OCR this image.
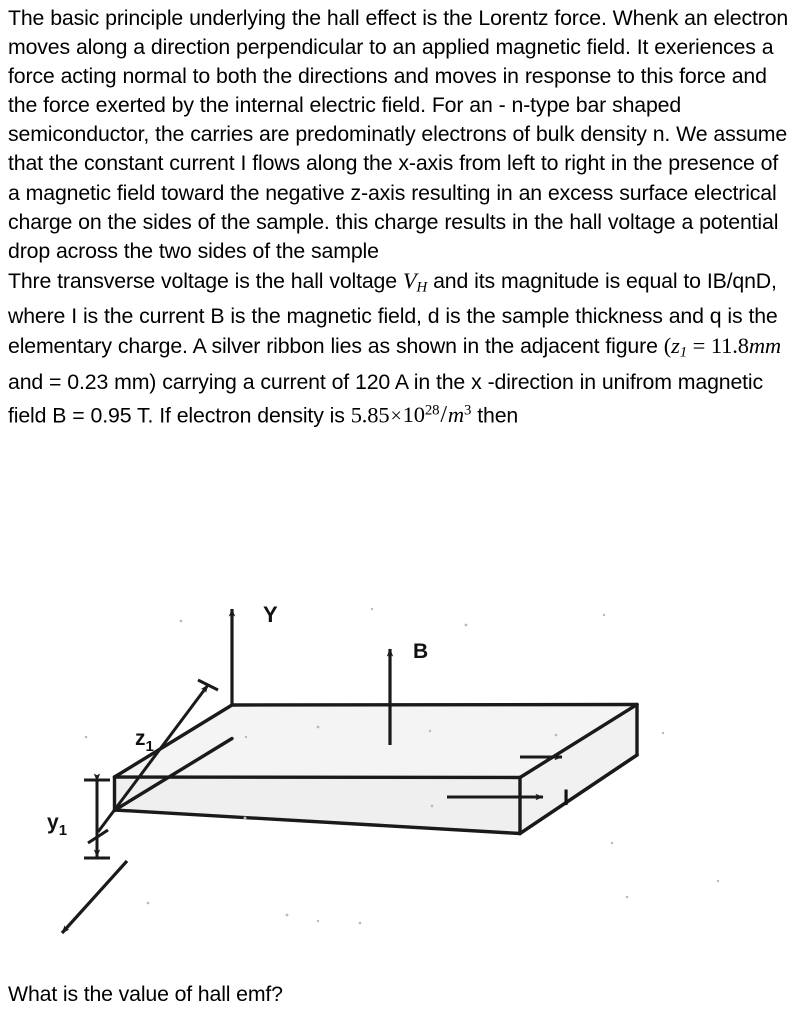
The basic principle underlying the hall effect is the Lorentz force. Whenk an electron moves along a direction perpendicular to an applied magnetic field. It exeriences a force acting normal to both the directions and moves in response to this force and the force exerted by the internal electric field. For an - n-type bar shaped semiconductor, the carries are predominatly electrons of bulk density n. We assume that the constant current I flows along the x-axis from left to right in the presence of a magnetic field toward the negative z-axis resulting in an excess surface electrical charge on the sides of the sample. this charge results in the hall voltage a potential drop across the two sides of the sample

Thre transverse voltage is the hall voltage $V_H$ and its magnitude is equal to IB/qnD, where I is the current B is the magnetic field, d is the sample thickness and q is the elementary charge. A silver ribbon lies as shown in the adjacent figure ($z_1 = 11.8mm$ and = 0.23 mm) carrying a current of 120 A in the x -direction in unifrom magnetic field B = 0.95 T. If electron density is $5.85\times 10^{28}/m^3$ then

Y
B
I
$z_1$
$y_1$
What is the value of hall emf?
